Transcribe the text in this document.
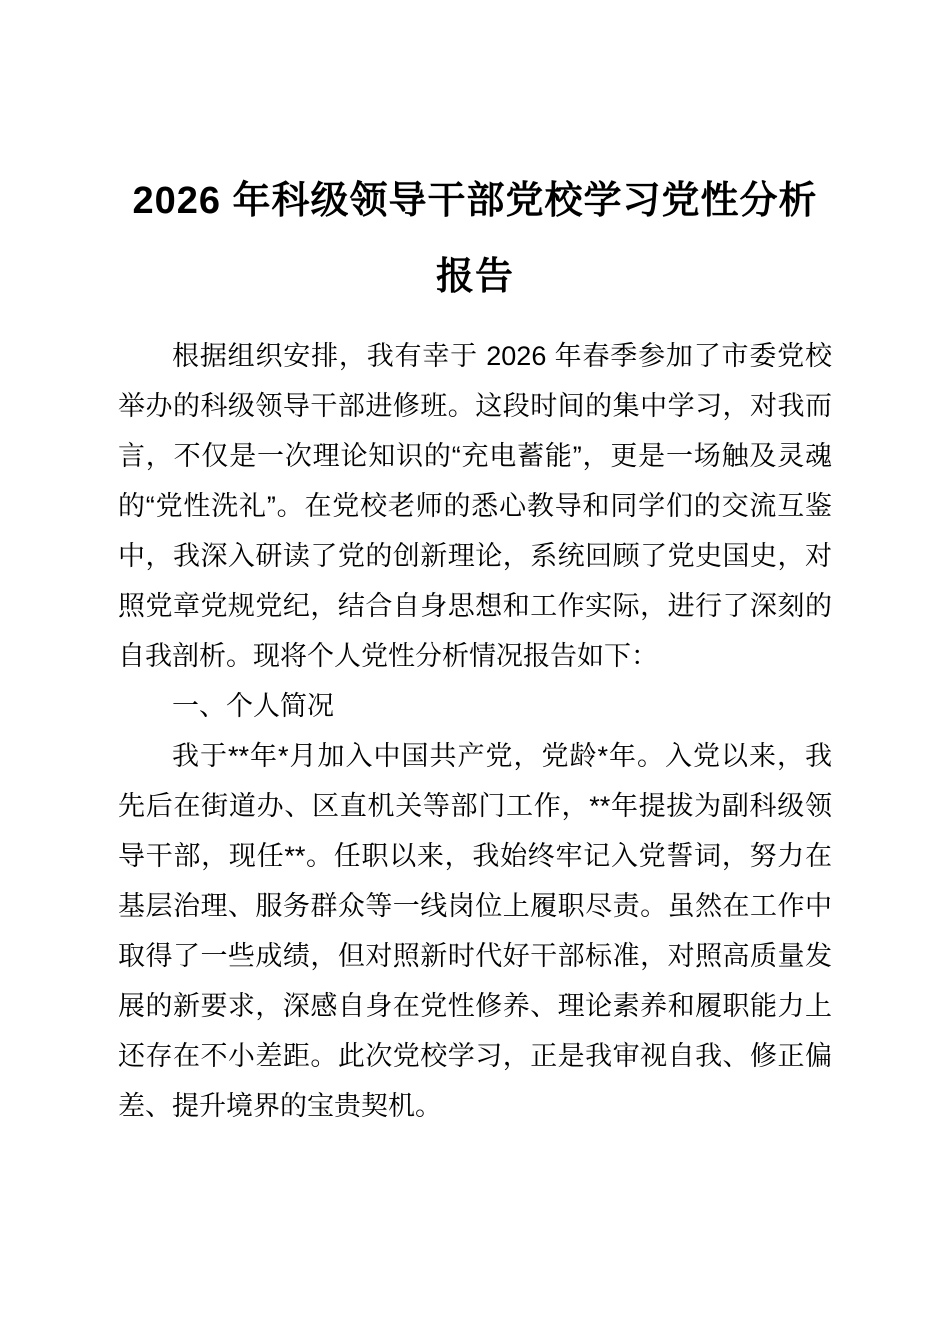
2026 年科级领导干部党校学习党性分析
报告

根据组织安排，我有幸于 2026 年春季参加了市委党校举办的科级领导干部进修班。这段时间的集中学习，对我而言，不仅是一次理论知识的“充电蓄能”，更是一场触及灵魂的“党性洗礼”。在党校老师的悉心教导和同学们的交流互鉴中，我深入研读了党的创新理论，系统回顾了党史国史，对照党章党规党纪，结合自身思想和工作实际，进行了深刻的自我剖析。现将个人党性分析情况报告如下：

一、个人简况

我于**年*月加入中国共产党，党龄*年。入党以来，我先后在街道办、区直机关等部门工作，**年提拔为副科级领导干部，现任**。任职以来，我始终牢记入党誓词，努力在基层治理、服务群众等一线岗位上履职尽责。虽然在工作中取得了一些成绩，但对照新时代好干部标准，对照高质量发展的新要求，深感自身在党性修养、理论素养和履职能力上还存在不小差距。此次党校学习，正是我审视自我、修正偏差、提升境界的宝贵契机。
